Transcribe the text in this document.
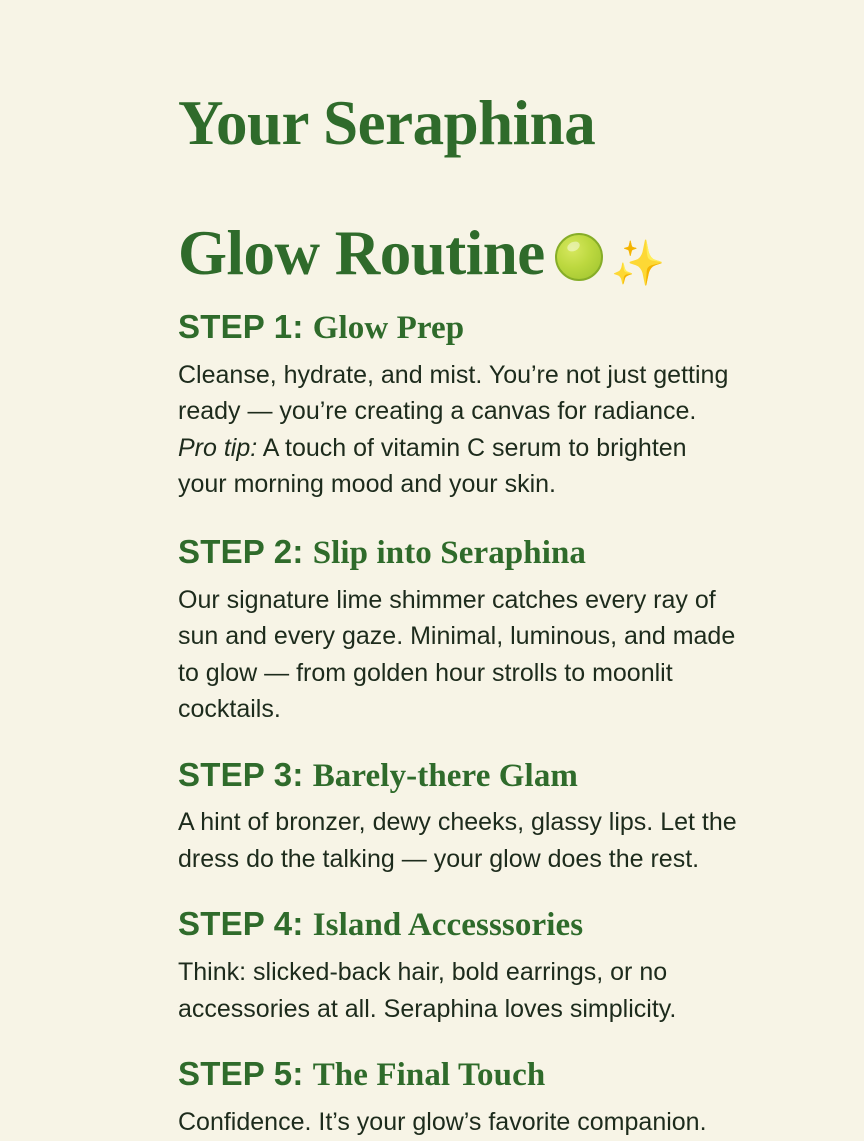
Your Seraphina

Glow Routine ✨

STEP 1: Glow Prep

Cleanse, hydrate, and mist. You’re not just getting ready — you’re creating a canvas for radiance. Pro tip: A touch of vitamin C serum to brighten your morning mood and your skin.

STEP 2: Slip into Seraphina

Our signature lime shimmer catches every ray of sun and every gaze. Minimal, luminous, and made to glow — from golden hour strolls to moonlit cocktails.

STEP 3: Barely-there Glam

A hint of bronzer, dewy cheeks, glassy lips. Let the dress do the talking — your glow does the rest.

STEP 4: Island Accesssories

Think: slicked-back hair, bold earrings, or no accessories at all. Seraphina loves simplicity.

STEP 5: The Final Touch

Confidence. It’s your glow’s favorite companion.
